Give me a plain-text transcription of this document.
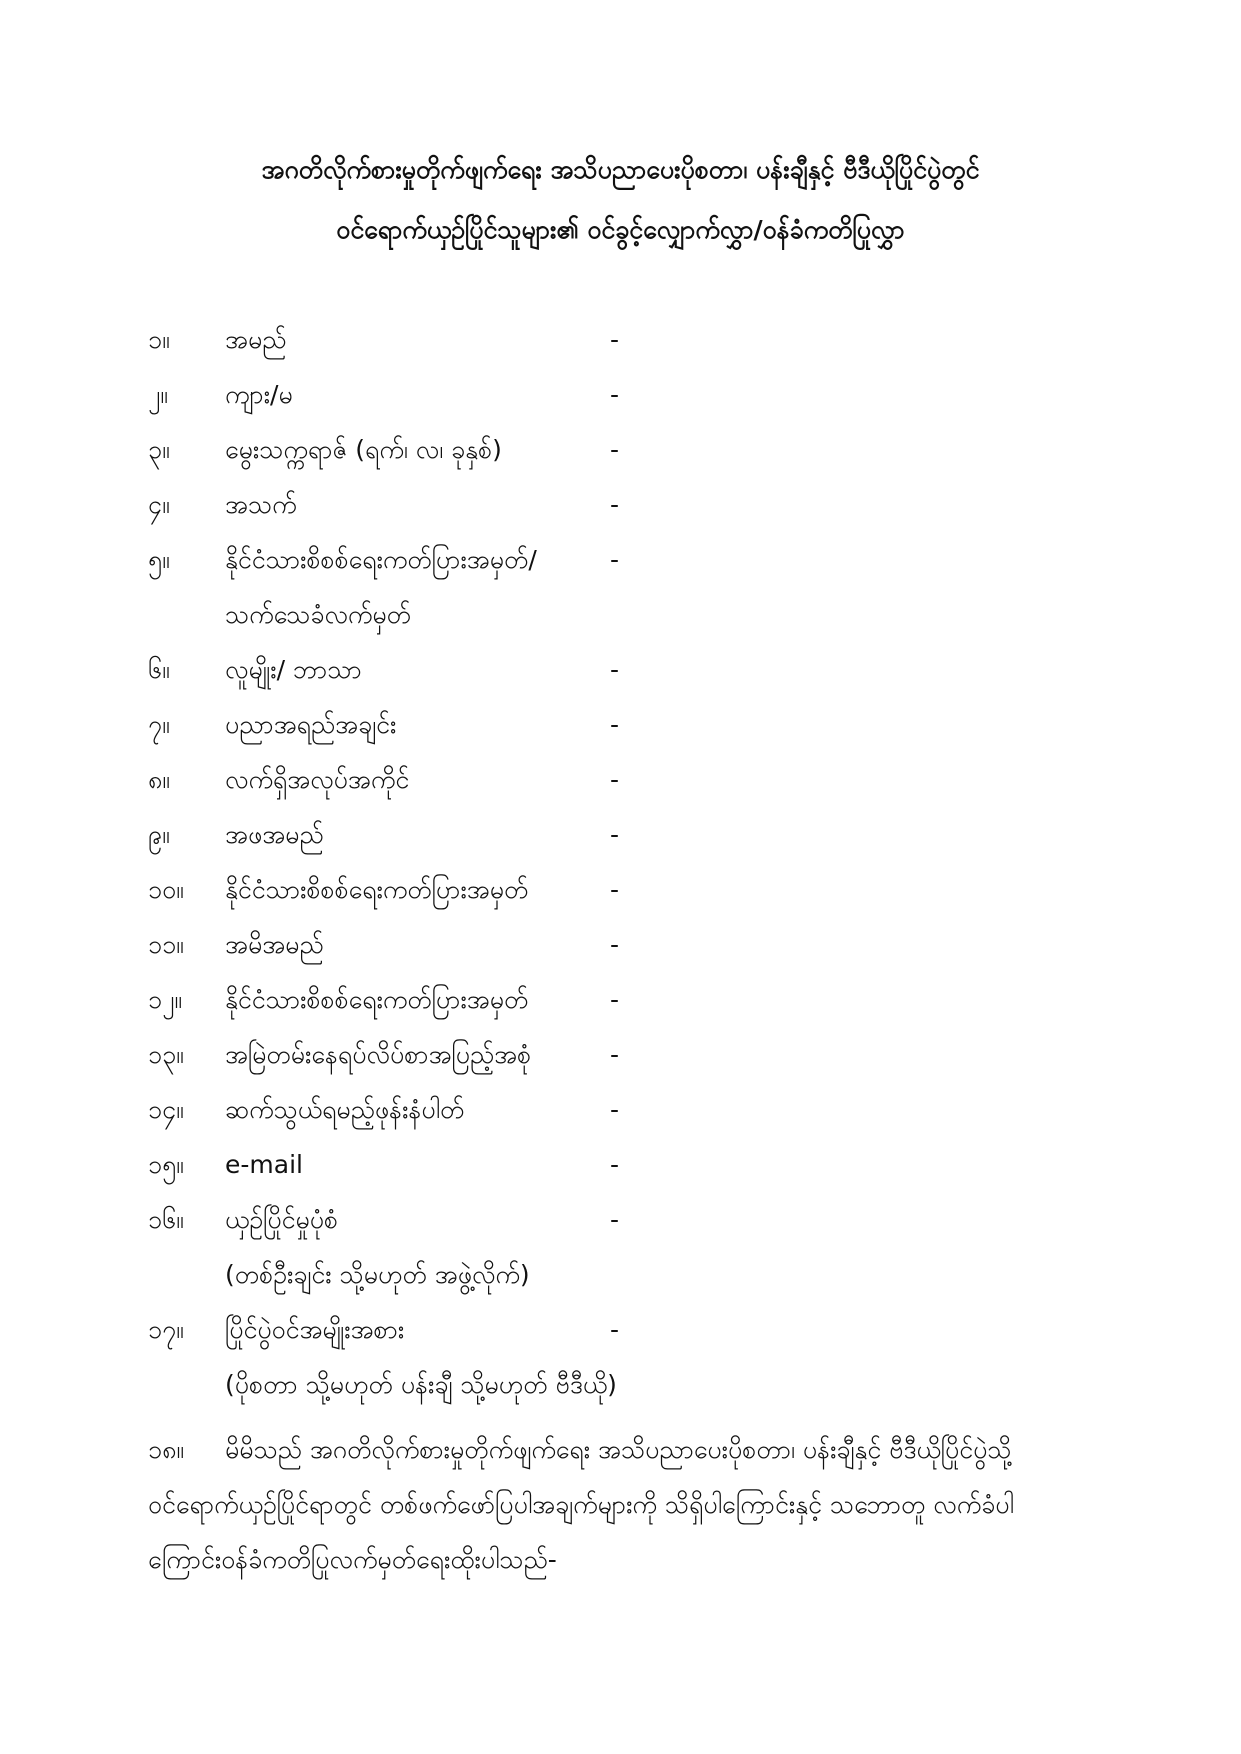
အဂတိလိုက်စားမှုတိုက်ဖျက်ရေး အသိပညာပေးပိုစတာ၊ ပန်းချီနှင့် ဗီဒီယိုပြိုင်ပွဲတွင်
ဝင်ရောက်ယှဉ်ပြိုင်သူများ၏ ဝင်ခွင့်လျှောက်လွှာ/ဝန်ခံကတိပြုလွှာ
၁။ အမည်	-
၂။ ကျား/မ	-
၃။ မွေးသက္ကရာဇ် (ရက်၊ လ၊ ခုနှစ်)	-
၄။ အသက်	-
၅။ နိုင်ငံသားစိစစ်ရေးကတ်ပြားအမှတ်/	-
သက်သေခံလက်မှတ်
၆။ လူမျိုး/ ဘာသာ	-
၇။ ပညာအရည်အချင်း	-
၈။ လက်ရှိအလုပ်အကိုင်	-
၉။ အဖအမည်	-
၁၀။ နိုင်ငံသားစိစစ်ရေးကတ်ပြားအမှတ်	-
၁၁။ အမိအမည်	-
၁၂။ နိုင်ငံသားစိစစ်ရေးကတ်ပြားအမှတ်	-
၁၃။ အမြဲတမ်းနေရပ်လိပ်စာအပြည့်အစုံ	-
၁၄။ ဆက်သွယ်ရမည့်ဖုန်းနံပါတ်	-
၁၅။ e-mail	-
၁၆။ ယှဉ်ပြိုင်မှုပုံစံ	-
(တစ်ဦးချင်း သို့မဟုတ် အဖွဲ့လိုက်)
၁၇။ ပြိုင်ပွဲဝင်အမျိုးအစား	-
(ပိုစတာ သို့မဟုတ် ပန်းချီ သို့မဟုတ် ဗီဒီယို)
၁၈။ မိမိသည် အဂတိလိုက်စားမှုတိုက်ဖျက်ရေး အသိပညာပေးပိုစတာ၊ ပန်းချီနှင့် ဗီဒီယိုပြိုင်ပွဲသို့
ဝင်ရောက်ယှဉ်ပြိုင်ရာတွင် တစ်ဖက်ဖော်ပြပါအချက်များကို သိရှိပါကြောင်းနှင့် သဘောတူ လက်ခံပါ
ကြောင်းဝန်ခံကတိပြုလက်မှတ်ရေးထိုးပါသည်-
